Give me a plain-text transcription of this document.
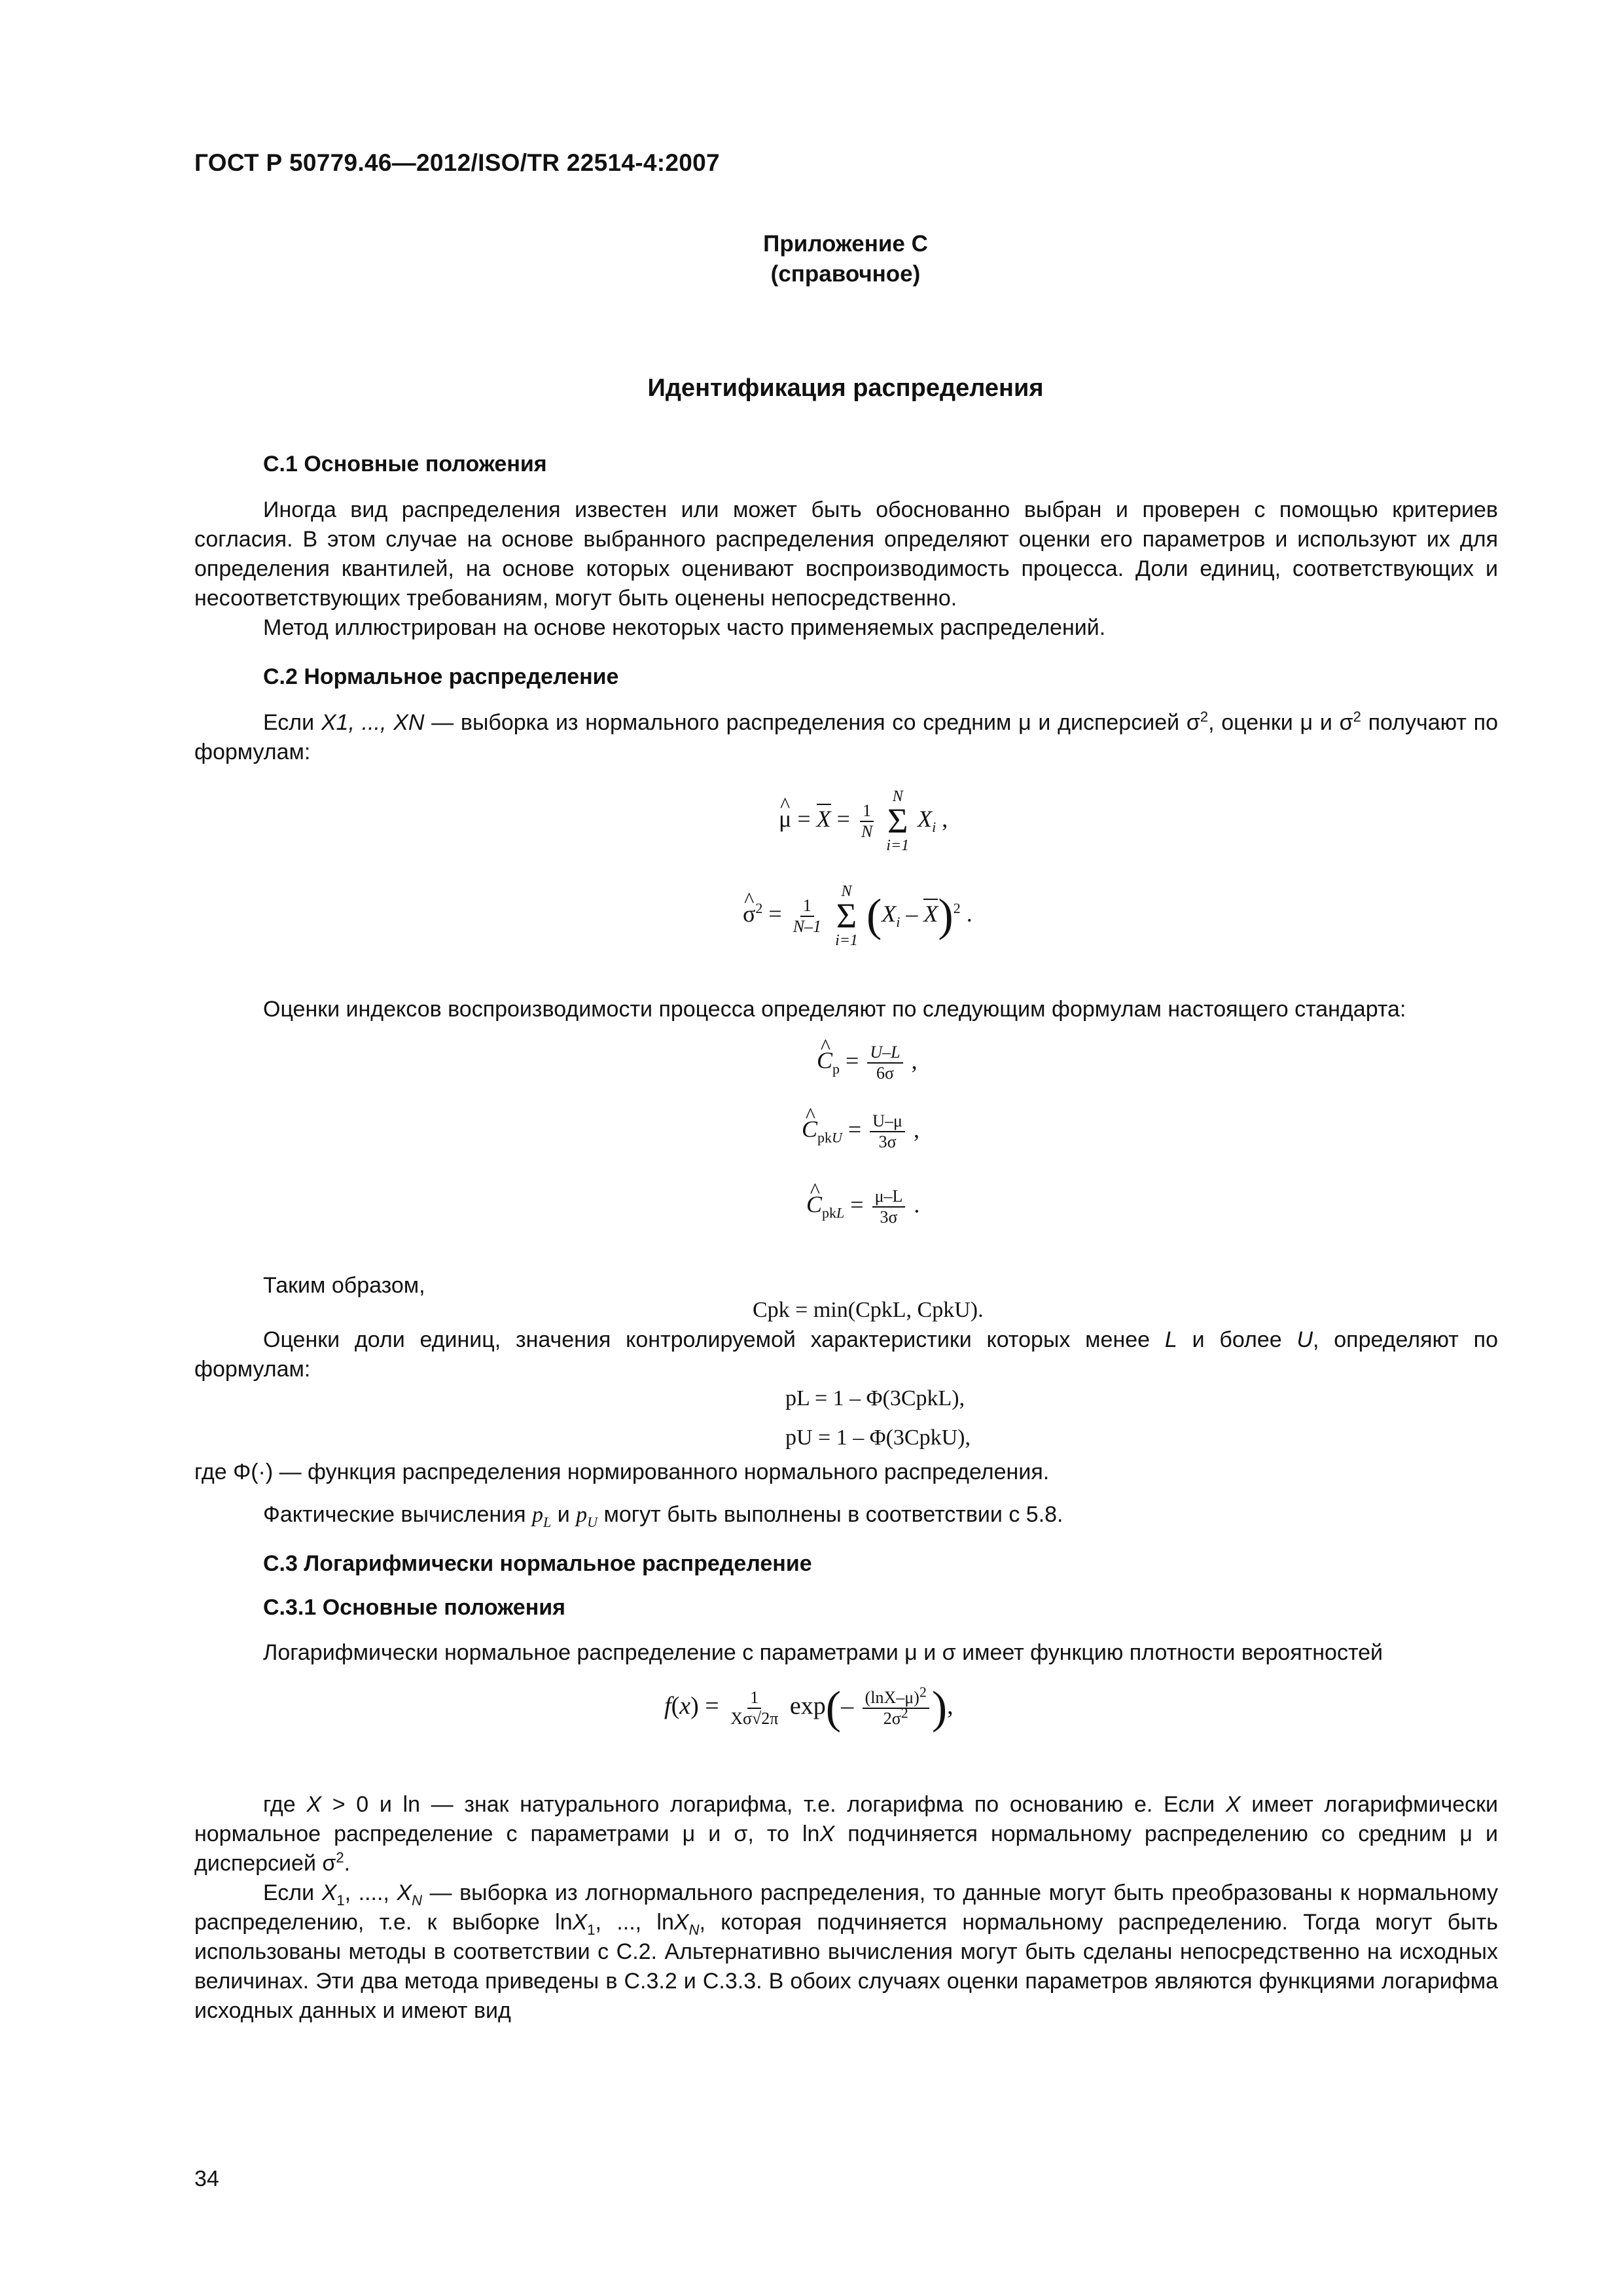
ГОСТ Р 50779.46—2012/ISO/TR 22514-4:2007
Приложение С
(справочное)
Идентификация распределения
С.1 Основные положения
Иногда вид распределения известен или может быть обоснованно выбран и проверен с помощью критериев согласия. В этом случае на основе выбранного распределения определяют оценки его параметров и используют их для определения квантилей, на основе которых оценивают воспроизводимость процесса. Доли единиц, соответствующих и несоответствующих требованиям, могут быть оценены непосредственно.
Метод иллюстрирован на основе некоторых часто применяемых распределений.
С.2 Нормальное распределение
Если X1, ..., XN — выборка из нормального распределения со средним μ и дисперсией $\sigma^2$, оценки μ и $\sigma^2$ получают по формулам:
^ $\mu = X = \frac{1}{N}$

N
Σ
i=1
$X_i$ ,
^ $\sigma^2 = \frac{1}{N-1}$

N
Σ
i=1 $(X_i - X)^2$ .
Оценки индексов воспроизводимости процесса определяют по следующим формулам настоящего стандарта:
^ $C_p = \frac{U-L}{6\sigma}$ ,
^ $C_{pkU} = \frac{U-\mu}{3\sigma}$ ,
^ $C_{pkL} = \frac{\mu-L}{3\sigma}$ .
Таким образом,
Cpk = min(CpkL, CpkU).
Оценки доли единиц, значения контролируемой характеристики которых менее L и более U, определяют по формулам:
pL = 1 – Φ(3CpkL),
pU = 1 – Φ(3CpkU),
где Φ(·) — функция распределения нормированного нормального распределения.
Фактические вычисления $p_L$ и $p_U$ могут быть выполнены в соответствии с 5.8.
С.3 Логарифмически нормальное распределение
С.3.1 Основные положения
Логарифмически нормальное распределение с параметрами μ и σ имеет функцию плотности вероятностей
$f(x) = \frac{1}{X\sigma√2\pi} \exp(- \frac{(\ln X-\mu)^2}{2\sigma^2}$ ),
где X > 0 и ln — знак натурального логарифма, т.е. логарифма по основанию е. Если X имеет логарифмически нормальное распределение с параметрами μ и σ, то lnX подчиняется нормальному распределению со средним μ и дисперсией $\sigma^2$.
Если $X_1$, ...., $X_N$ — выборка из логнормального распределения, то данные могут быть преобразованы к нормальному распределению, т.е. к выборке lnX$_1$, ..., lnX$_N$, которая подчиняется нормальному распределению. Тогда могут быть использованы методы в соответствии с С.2. Альтернативно вычисления могут быть сделаны непосредственно на исходных величинах. Эти два метода приведены в С.3.2 и С.3.3. В обоих случаях оценки параметров являются функциями логарифма исходных данных и имеют вид
34
